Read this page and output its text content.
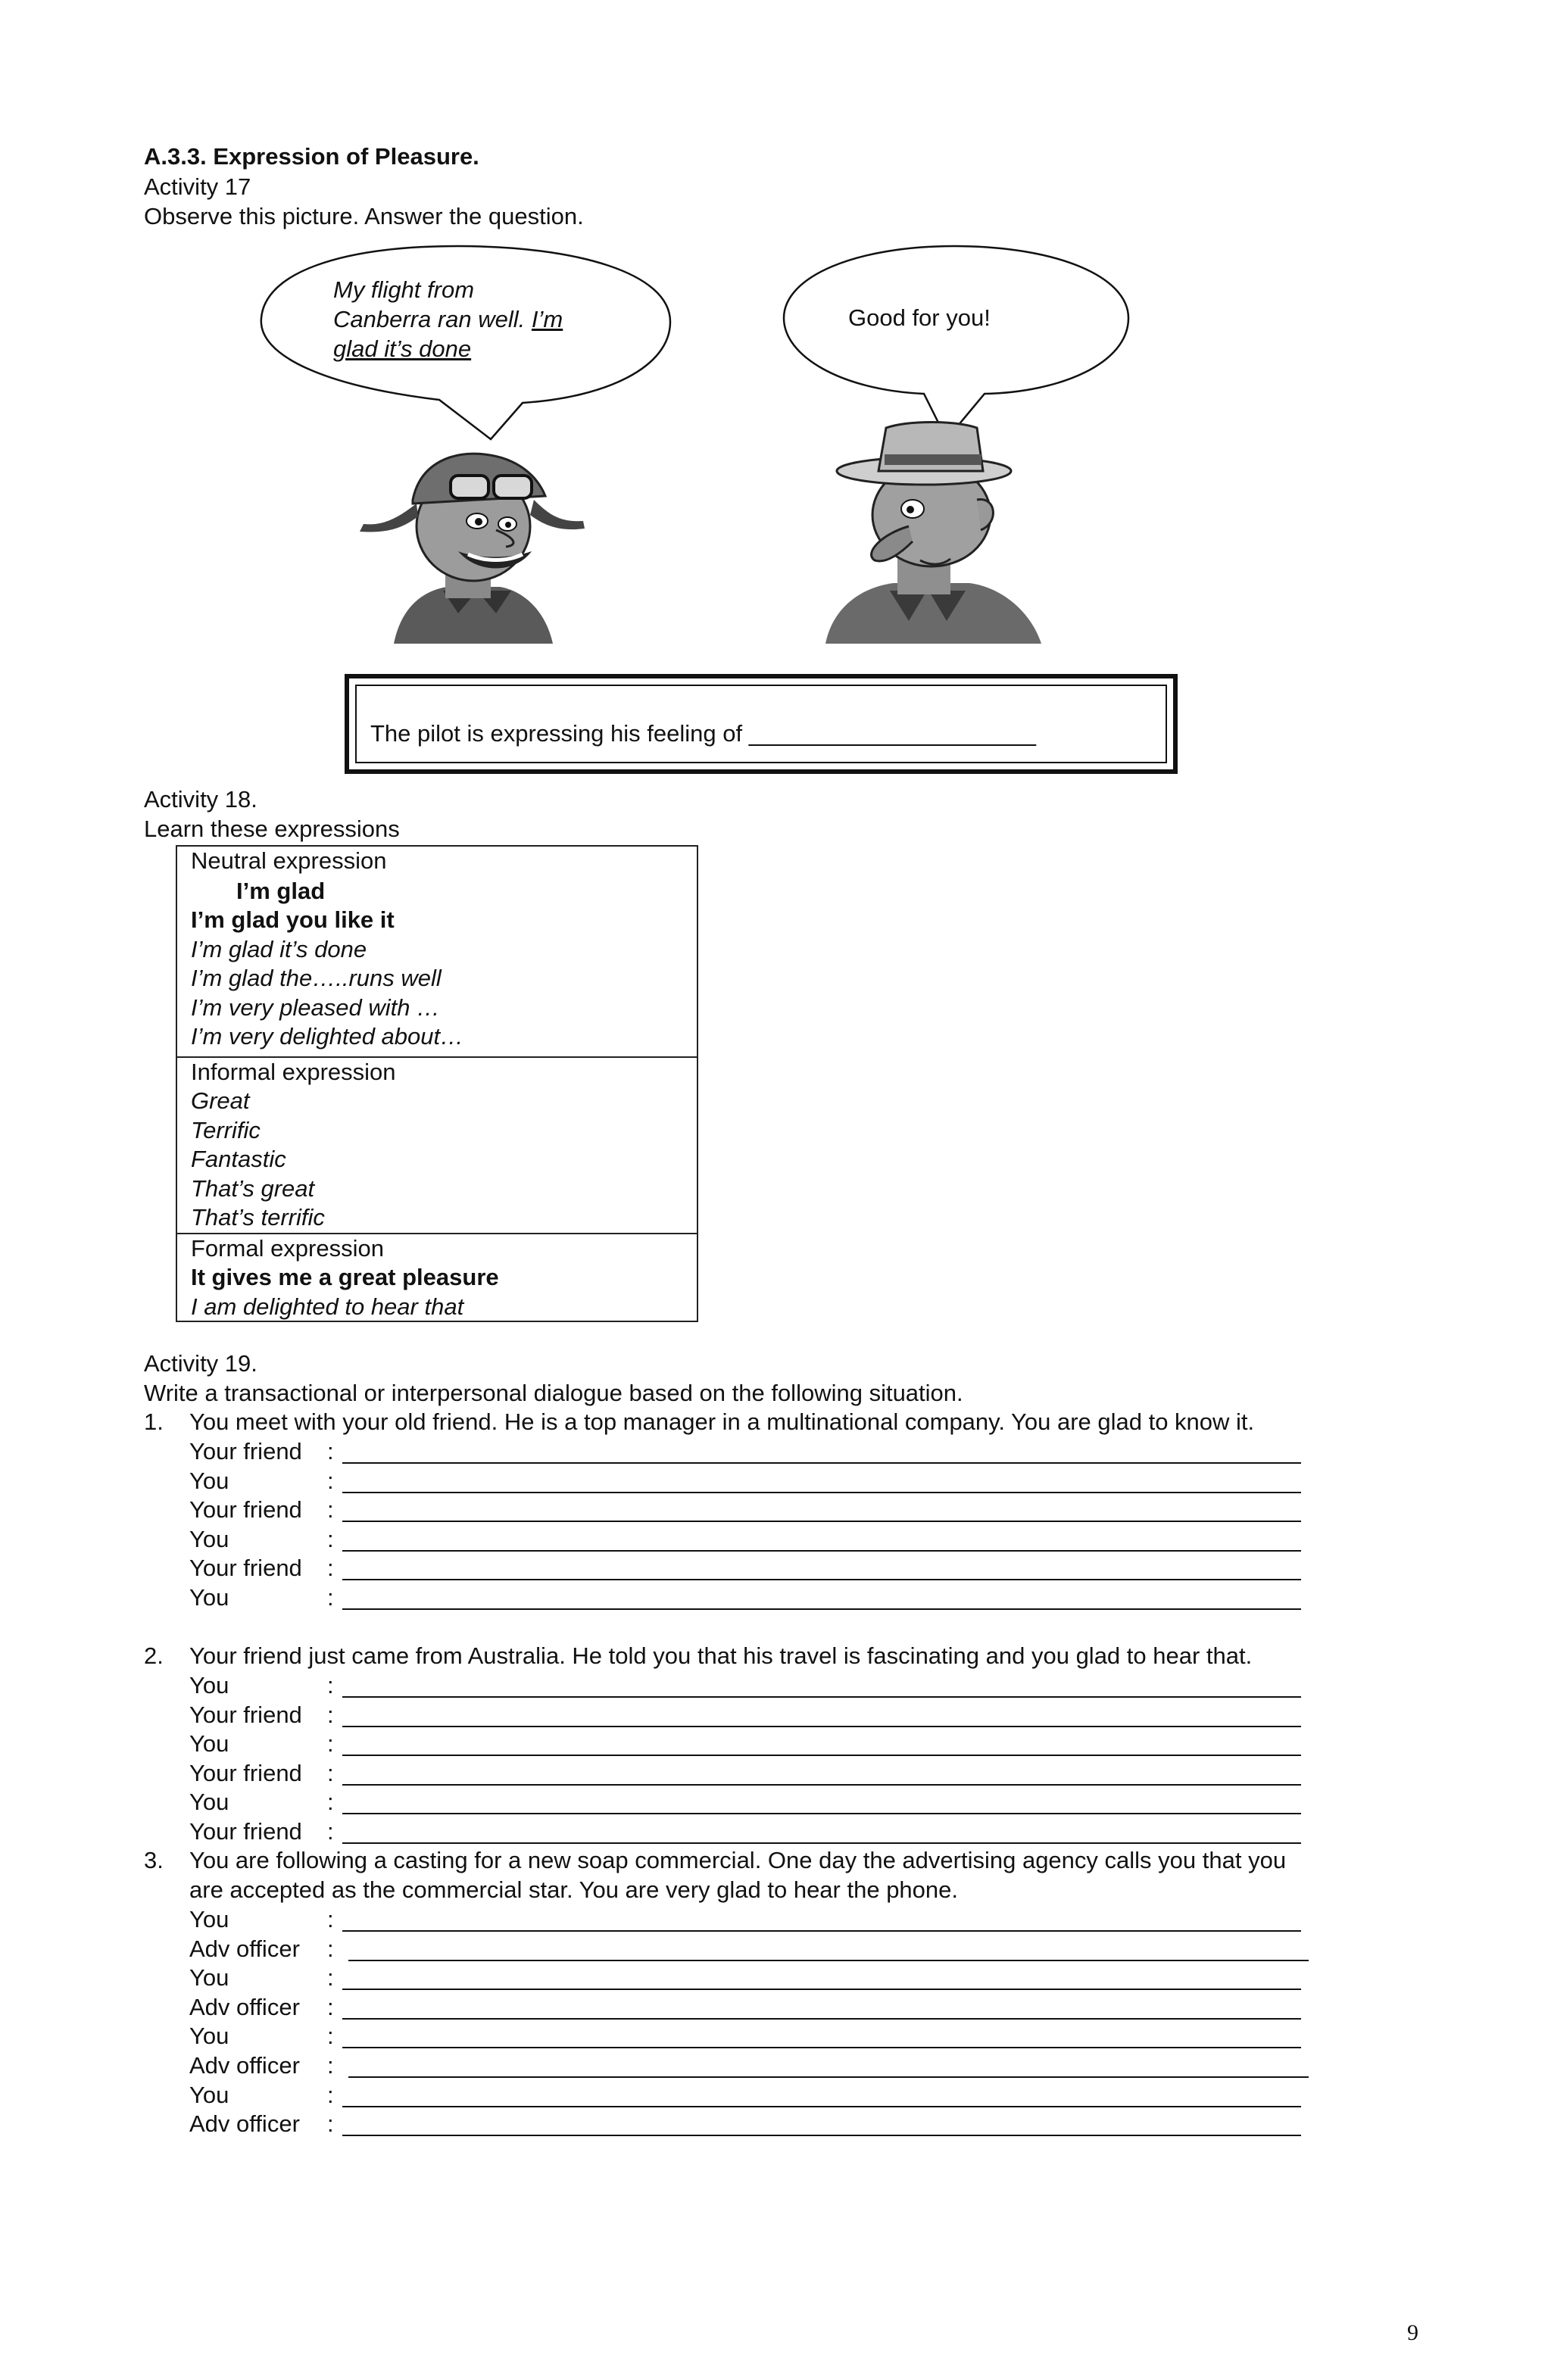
A.3.3. Expression of Pleasure.
Activity 17
Observe this picture. Answer the question.
My flight from
Canberra ran well. I’m
glad it’s done
Good for you!
The pilot is expressing his feeling of ______________________
Activity 18.
Learn these expressions
Neutral expression
I’m glad
I’m glad you like it
I’m glad it’s done
I’m glad the…..runs well
I’m very pleased with …
I’m very delighted about…
Informal expression
Great
Terrific
Fantastic
That’s great
That’s terrific
Formal expression
It gives me a great pleasure
I am delighted to hear that
Activity 19.
Write a transactional or interpersonal dialogue based on the following situation.
1. You meet with your old friend. He is a top manager in a multinational company. You are glad to know it.
Your friend :
You	:
Your friend :
You	:
Your friend :
You	:
2. Your friend just came from Australia. He told you that his travel is fascinating and you glad to hear that.
You	:
Your friend :
You	:
Your friend :
You	:
Your friend :
3. You are following a casting for a new soap commercial. One day the advertising agency calls you that you
are accepted as the commercial star. You are very glad to hear the phone.
You	:
Adv officer :
You	:
Adv officer :
You	:
Adv officer :
You	:
Adv officer :
9
